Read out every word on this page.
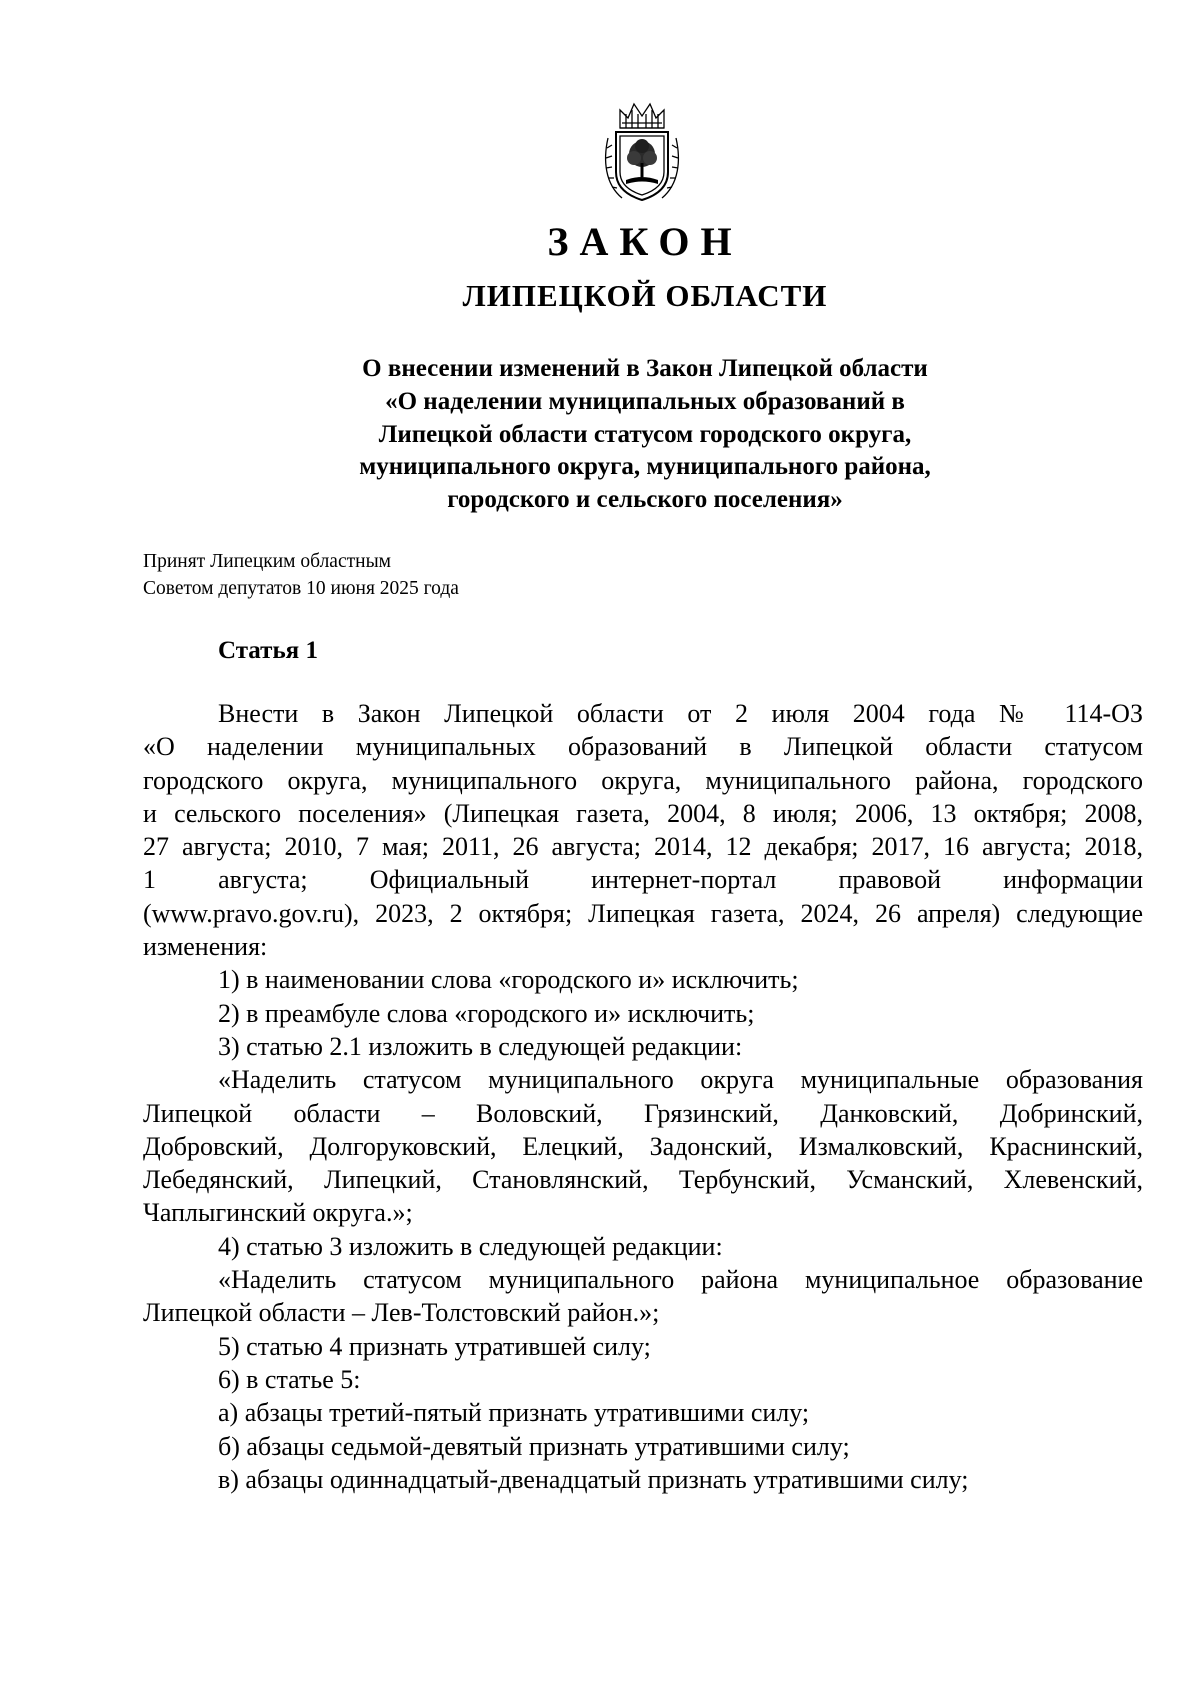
ЗАКОН
ЛИПЕЦКОЙ ОБЛАСТИ
О внесении изменений в Закон Липецкой области
«О наделении муниципальных образований в
Липецкой области статусом городского округа,
муниципального округа, муниципального района,
городского и сельского поселения»
Принят Липецким областным
Советом депутатов 10 июня 2025 года
Статья 1

Внести в Закон Липецкой области от 2 июля 2004 года № 114-ОЗ

«О наделении муниципальных образований в Липецкой области статусом

городского округа, муниципального округа, муниципального района, городского

и сельского поселения» (Липецкая газета, 2004, 8 июля; 2006, 13 октября; 2008,

27 августа; 2010, 7 мая; 2011, 26 августа; 2014, 12 декабря; 2017, 16 августа; 2018,

1 августа; Официальный интернет-портал правовой информации

(www.pravo.gov.ru), 2023, 2 октября; Липецкая газета, 2024, 26 апреля) следующие

изменения:

1) в наименовании слова «городского и» исключить;

2) в преамбуле слова «городского и» исключить;

3) статью 2.1 изложить в следующей редакции:

«Наделить статусом муниципального округа муниципальные образования

Липецкой области – Воловский, Грязинский, Данковский, Добринский,

Добровский, Долгоруковский, Елецкий, Задонский, Измалковский, Краснинский,

Лебедянский, Липецкий, Становлянский, Тербунский, Усманский, Хлевенский,

Чаплыгинский округа.»;

4) статью 3 изложить в следующей редакции:

«Наделить статусом муниципального района муниципальное образование

Липецкой области – Лев-Толстовский район.»;

5) статью 4 признать утратившей силу;

6) в статье 5:

а) абзацы третий-пятый признать утратившими силу;

б) абзацы седьмой-девятый признать утратившими силу;

в) абзацы одиннадцатый-двенадцатый признать утратившими силу;
